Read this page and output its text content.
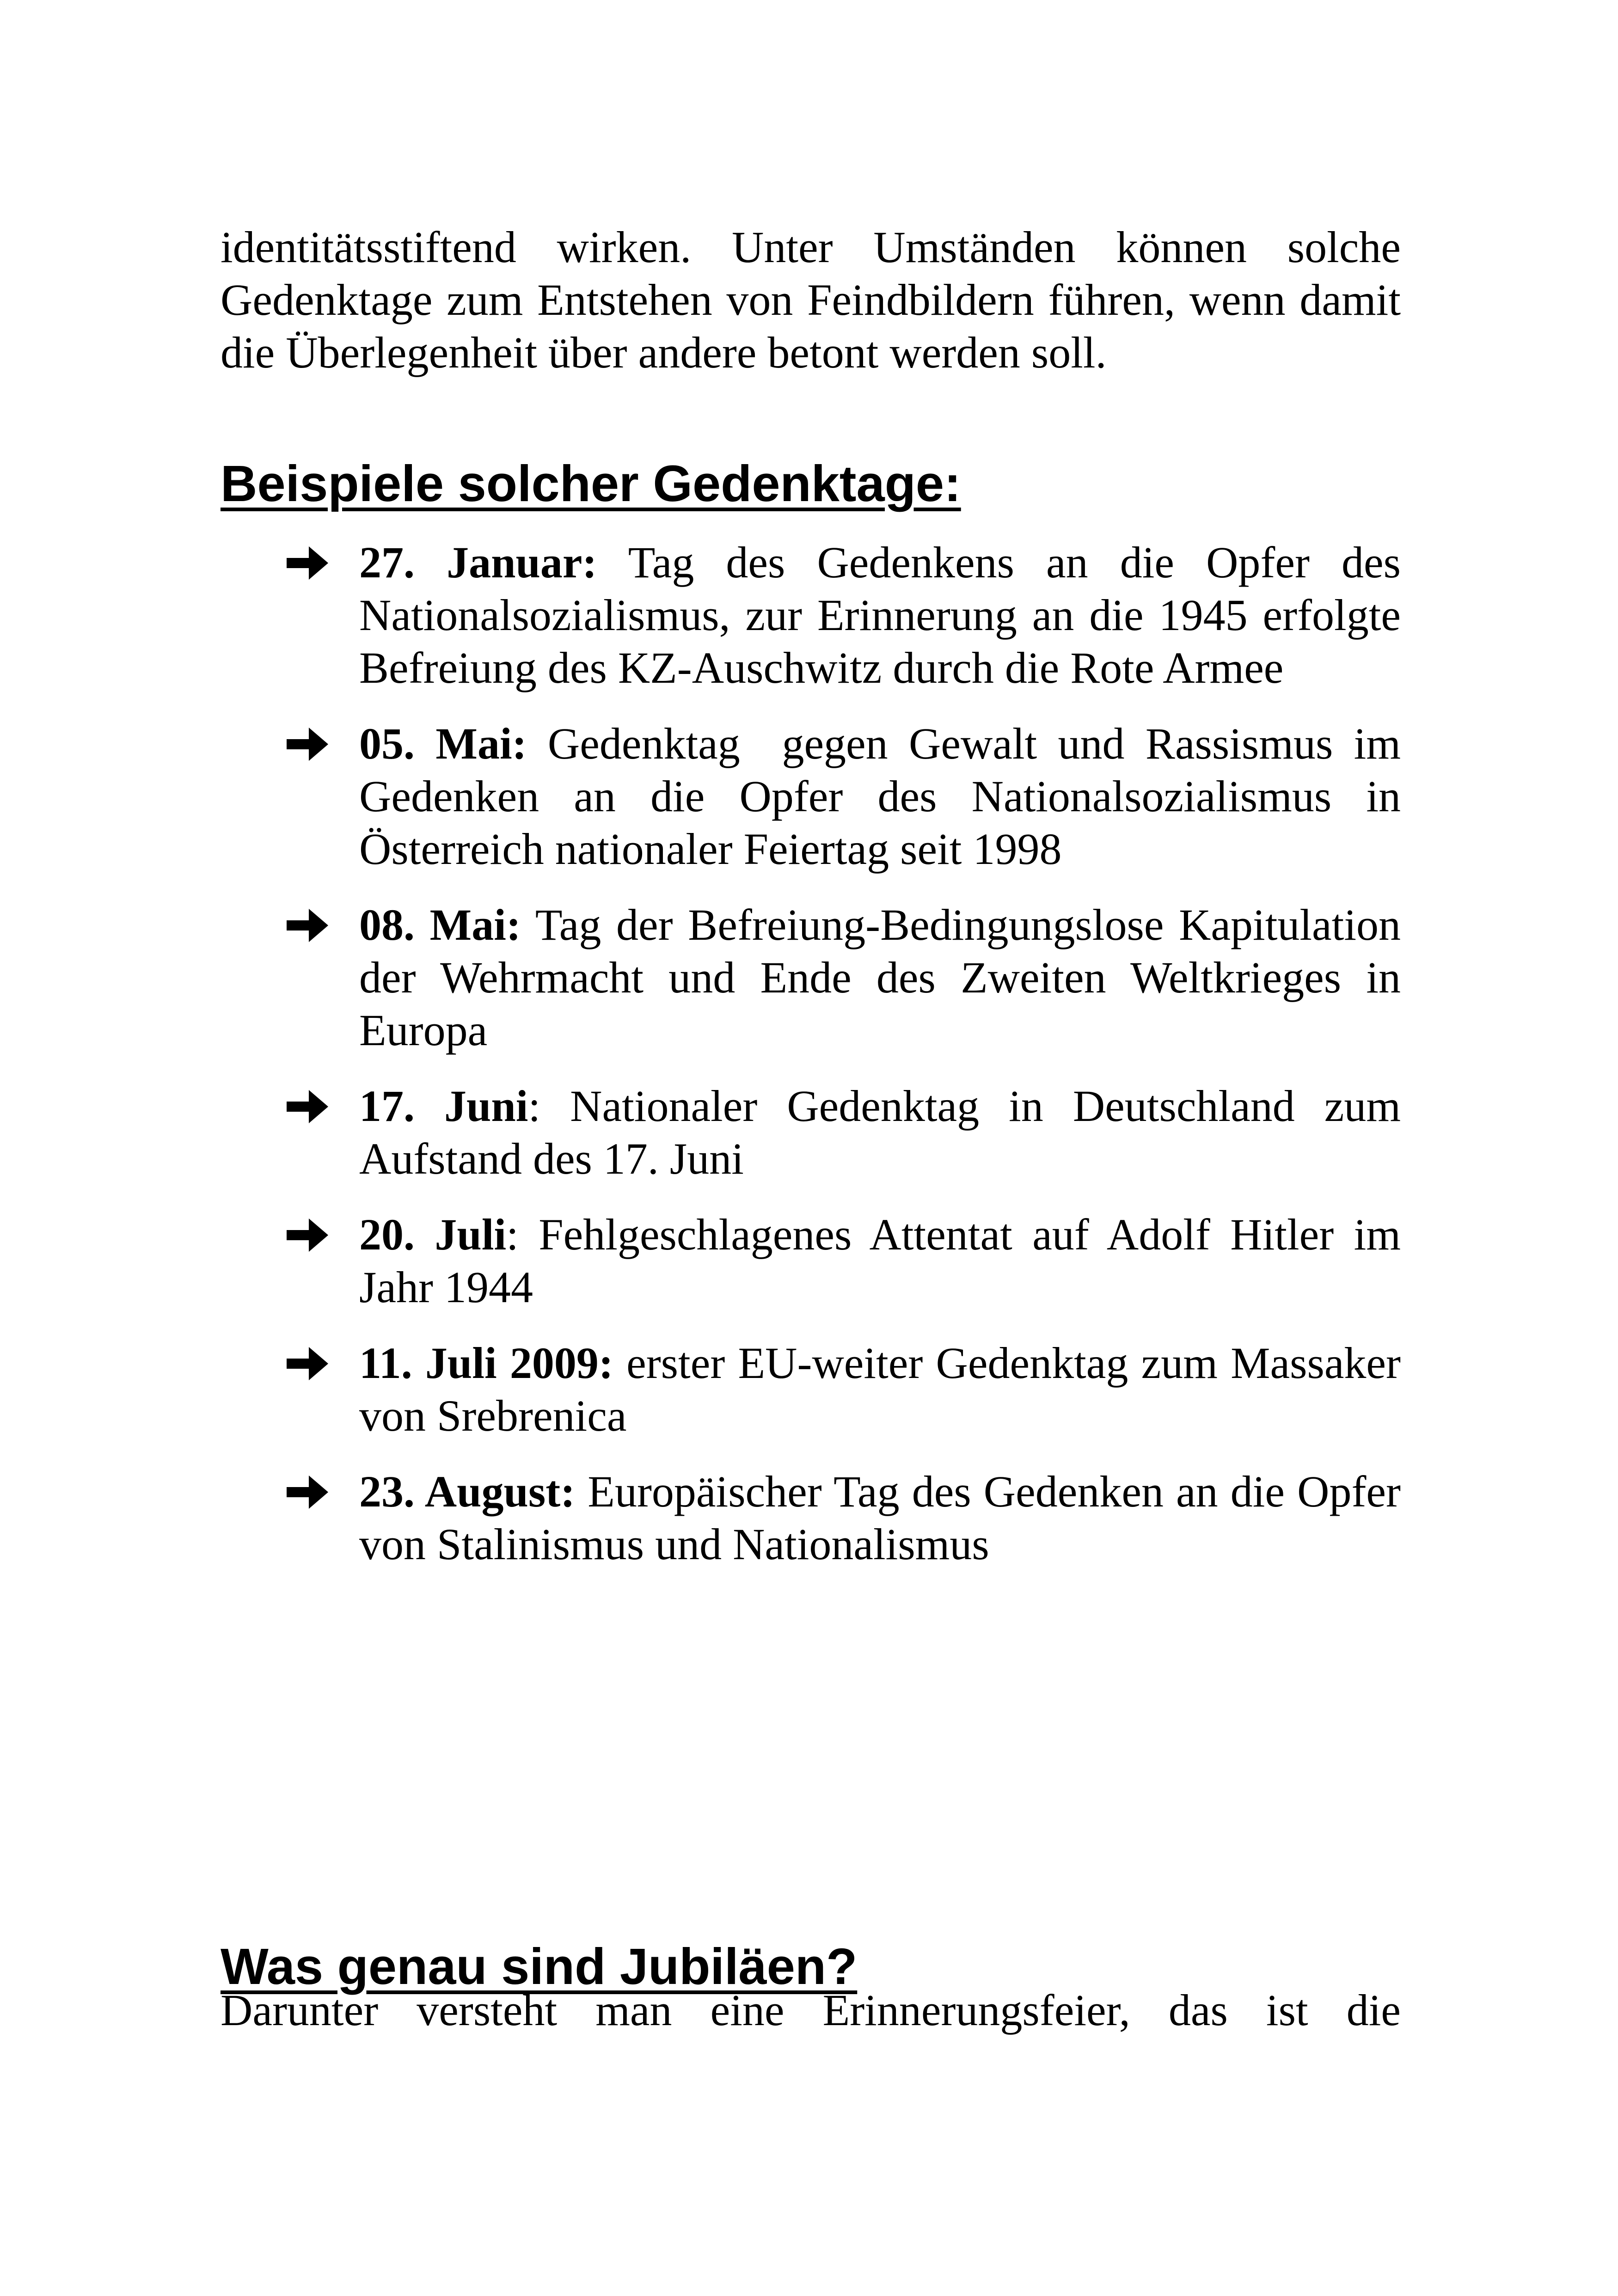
identitätsstiftend wirken. Unter Umständen können solche Gedenktage zum Entstehen von Feindbildern führen, wenn damit die Überlegenheit über andere betont werden soll.

Beispiele solcher Gedenktage:
27. Januar: Tag des Gedenkens an die Opfer des Nationalsozialismus, zur Erinnerung an die 1945 erfolgte Befreiung des KZ-Auschwitz durch die Rote Armee
05. Mai: Gedenktag  gegen Gewalt und Rassismus im Gedenken an die Opfer des Nationalsozialismus in Österreich nationaler Feiertag seit 1998
08. Mai: Tag der Befreiung-Bedingungslose Kapitulation der Wehrmacht und Ende des Zweiten Weltkrieges in Europa
17. Juni: Nationaler Gedenktag in Deutschland zum Aufstand des 17. Juni
20. Juli: Fehlgeschlagenes Attentat auf Adolf Hitler im Jahr 1944
11. Juli 2009: erster EU-weiter Gedenktag zum Massaker von Srebrenica
23. August: Europäischer Tag des Gedenken an die Opfer von Stalinismus und Nationalismus
Was genau sind Jubiläen?

Darunter versteht man eine Erinnerungsfeier, das ist die
